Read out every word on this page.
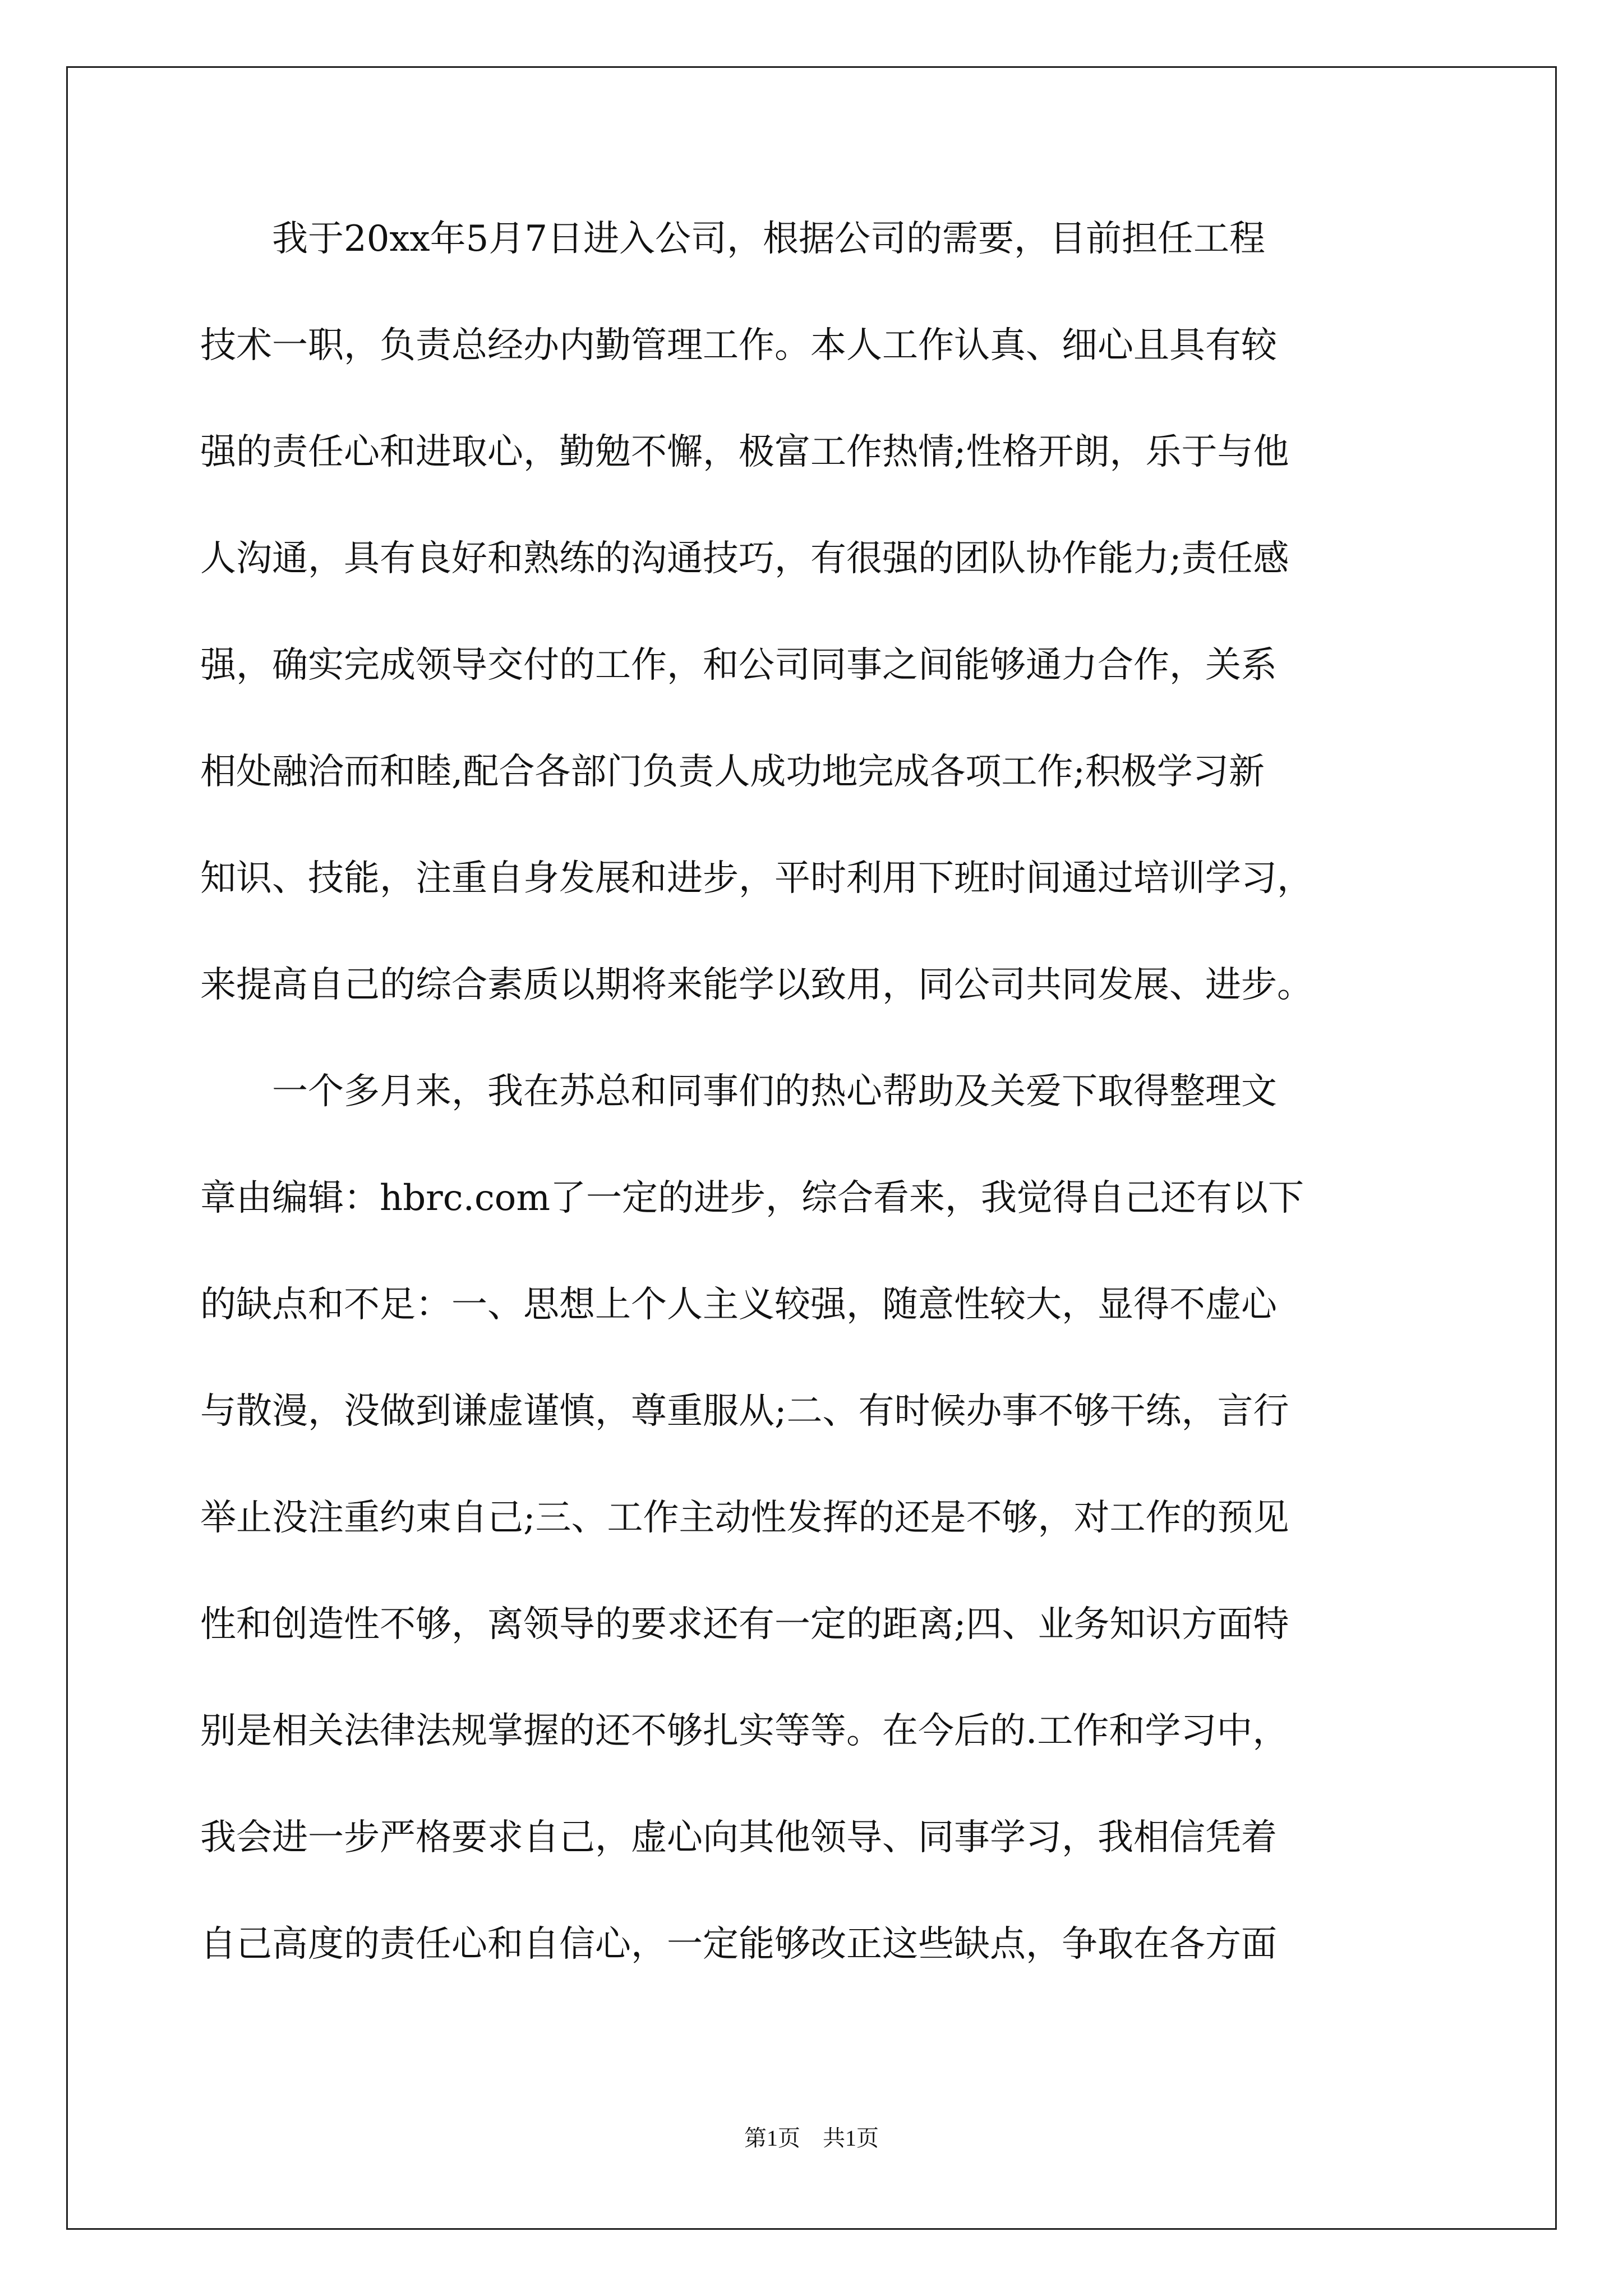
　　我于20xx年5月7日进入公司，根据公司的需要，目前担任工程
技术一职，负责总经办内勤管理工作。本人工作认真、细心且具有较
强的责任心和进取心，勤勉不懈，极富工作热情;性格开朗，乐于与他
人沟通，具有良好和熟练的沟通技巧，有很强的团队协作能力;责任感
强，确实完成领导交付的工作，和公司同事之间能够通力合作，关系
相处融洽而和睦,配合各部门负责人成功地完成各项工作;积极学习新
知识、技能，注重自身发展和进步，平时利用下班时间通过培训学习，
来提高自己的综合素质以期将来能学以致用，同公司共同发展、进步。
　　一个多月来，我在苏总和同事们的热心帮助及关爱下取得整理文
章由编辑：hbrc.com了一定的进步，综合看来，我觉得自己还有以下
的缺点和不足：一、思想上个人主义较强，随意性较大，显得不虚心
与散漫，没做到谦虚谨慎，尊重服从;二、有时候办事不够干练，言行
举止没注重约束自己;三、工作主动性发挥的还是不够，对工作的预见
性和创造性不够，离领导的要求还有一定的距离;四、业务知识方面特
别是相关法律法规掌握的还不够扎实等等。在今后的.工作和学习中，
我会进一步严格要求自己，虚心向其他领导、同事学习，我相信凭着
自己高度的责任心和自信心，一定能够改正这些缺点，争取在各方面
第1页　共1页
